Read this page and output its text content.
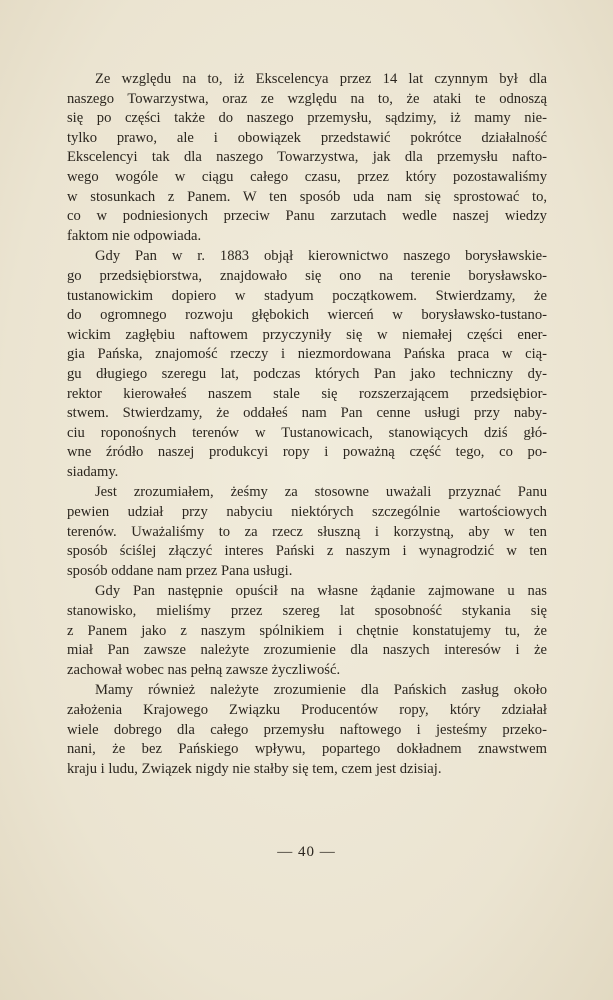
Ze względu na to, iż Ekscelencya przez 14 lat czynnym był dla
naszego Towarzystwa, oraz ze względu na to, że ataki te odnoszą
się po części także do naszego przemysłu, sądzimy, iż mamy nie-
tylko prawo, ale i obowiązek przedstawić pokrótce działalność
Ekscelencyi tak dla naszego Towarzystwa, jak dla przemysłu nafto-
wego wogóle w ciągu całego czasu, przez który pozostawaliśmy
w stosunkach z Panem. W ten sposób uda nam się sprostować to,
co w podniesionych przeciw Panu zarzutach wedle naszej wiedzy
faktom nie odpowiada.

Gdy Pan w r. 1883 objął kierownictwo naszego borysławskie-
go przedsiębiorstwa, znajdowało się ono na terenie borysławsko-
tustanowickim dopiero w stadyum początkowem. Stwierdzamy, że
do ogromnego rozwoju głębokich wierceń w borysławsko-tustano-
wickim zagłębiu naftowem przyczyniły się w niemałej części ener-
gia Pańska, znajomość rzeczy i niezmordowana Pańska praca w cią-
gu długiego szeregu lat, podczas których Pan jako techniczny dy-
rektor kierowałeś naszem stale się rozszerzającem przedsiębior-
stwem. Stwierdzamy, że oddałeś nam Pan cenne usługi przy naby-
ciu roponośnych terenów w Tustanowicach, stanowiących dziś głó-
wne źródło naszej produkcyi ropy i poważną część tego, co po-
siadamy.

Jest zrozumiałem, żeśmy za stosowne uważali przyznać Panu
pewien udział przy nabyciu niektórych szczególnie wartościowych
terenów. Uważaliśmy to za rzecz słuszną i korzystną, aby w ten
sposób ściślej złączyć interes Pański z naszym i wynagrodzić w ten
sposób oddane nam przez Pana usługi.

Gdy Pan następnie opuścił na własne żądanie zajmowane u nas
stanowisko, mieliśmy przez szereg lat sposobność stykania się
z Panem jako z naszym spólnikiem i chętnie konstatujemy tu, że
miał Pan zawsze należyte zrozumienie dla naszych interesów i że
zachował wobec nas pełną zawsze życzliwość.

Mamy również należyte zrozumienie dla Pańskich zasług około
założenia Krajowego Związku Producentów ropy, który zdziałał
wiele dobrego dla całego przemysłu naftowego i jesteśmy przeko-
nani, że bez Pańskiego wpływu, popartego dokładnem znawstwem
kraju i ludu, Związek nigdy nie stałby się tem, czem jest dzisiaj.

— 40 —
